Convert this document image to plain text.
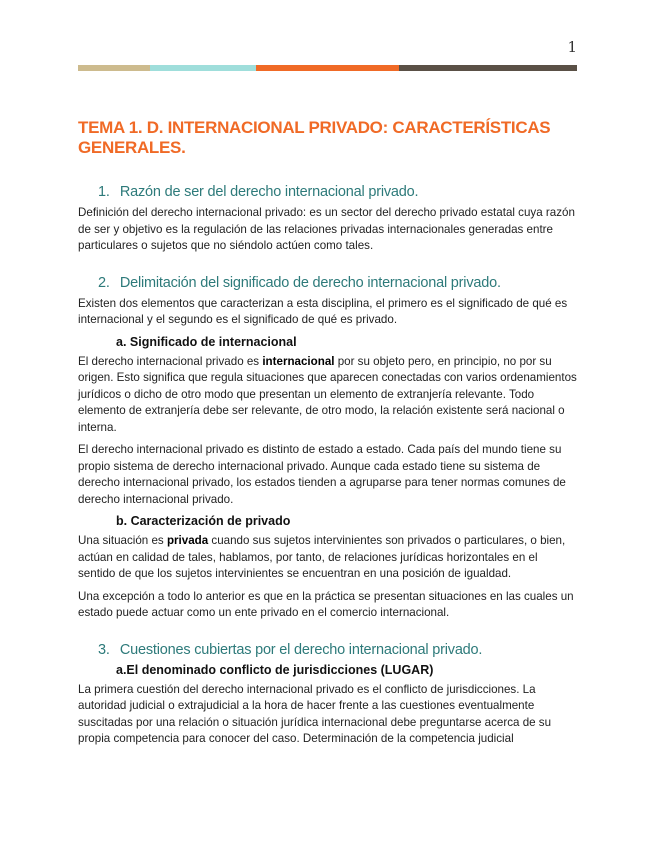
1
TEMA 1. D. INTERNACIONAL PRIVADO: CARACTERÍSTICAS GENERALES.
1. Razón de ser del derecho internacional privado.

Definición del derecho internacional privado: es un sector del derecho privado estatal cuya razón de ser y objetivo es la regulación de las relaciones privadas internacionales generadas entre particulares o sujetos que no siéndolo actúen como tales.

2. Delimitación del significado de derecho internacional privado.

Existen dos elementos que caracterizan a esta disciplina, el primero es el significado de qué es internacional y el segundo es el significado de qué es privado.

a. Significado de internacional

El derecho internacional privado es internacional por su objeto pero, en principio, no por su origen. Esto significa que regula situaciones que aparecen conectadas con varios ordenamientos jurídicos o dicho de otro modo que presentan un elemento de extranjería relevante. Todo elemento de extranjería debe ser relevante, de otro modo, la relación existente será nacional o interna.

El derecho internacional privado es distinto de estado a estado. Cada país del mundo tiene su propio sistema de derecho internacional privado. Aunque cada estado tiene su sistema de derecho internacional privado, los estados tienden a agruparse para tener normas comunes de derecho internacional privado.

b. Caracterización de privado

Una situación es privada cuando sus sujetos intervinientes son privados o particulares, o bien, actúan en calidad de tales, hablamos, por tanto, de relaciones jurídicas horizontales en el sentido de que los sujetos intervinientes se encuentran en una posición de igualdad.

Una excepción a todo lo anterior es que en la práctica se presentan situaciones en las cuales un estado puede actuar como un ente privado en el comercio internacional.

3. Cuestiones cubiertas por el derecho internacional privado.
a.El denominado conflicto de jurisdicciones (LUGAR)

La primera cuestión del derecho internacional privado es el conflicto de jurisdicciones. La autoridad judicial o extrajudicial a la hora de hacer frente a las cuestiones eventualmente suscitadas por una relación o situación jurídica internacional debe preguntarse acerca de su propia competencia para conocer del caso. Determinación de la competencia judicial
